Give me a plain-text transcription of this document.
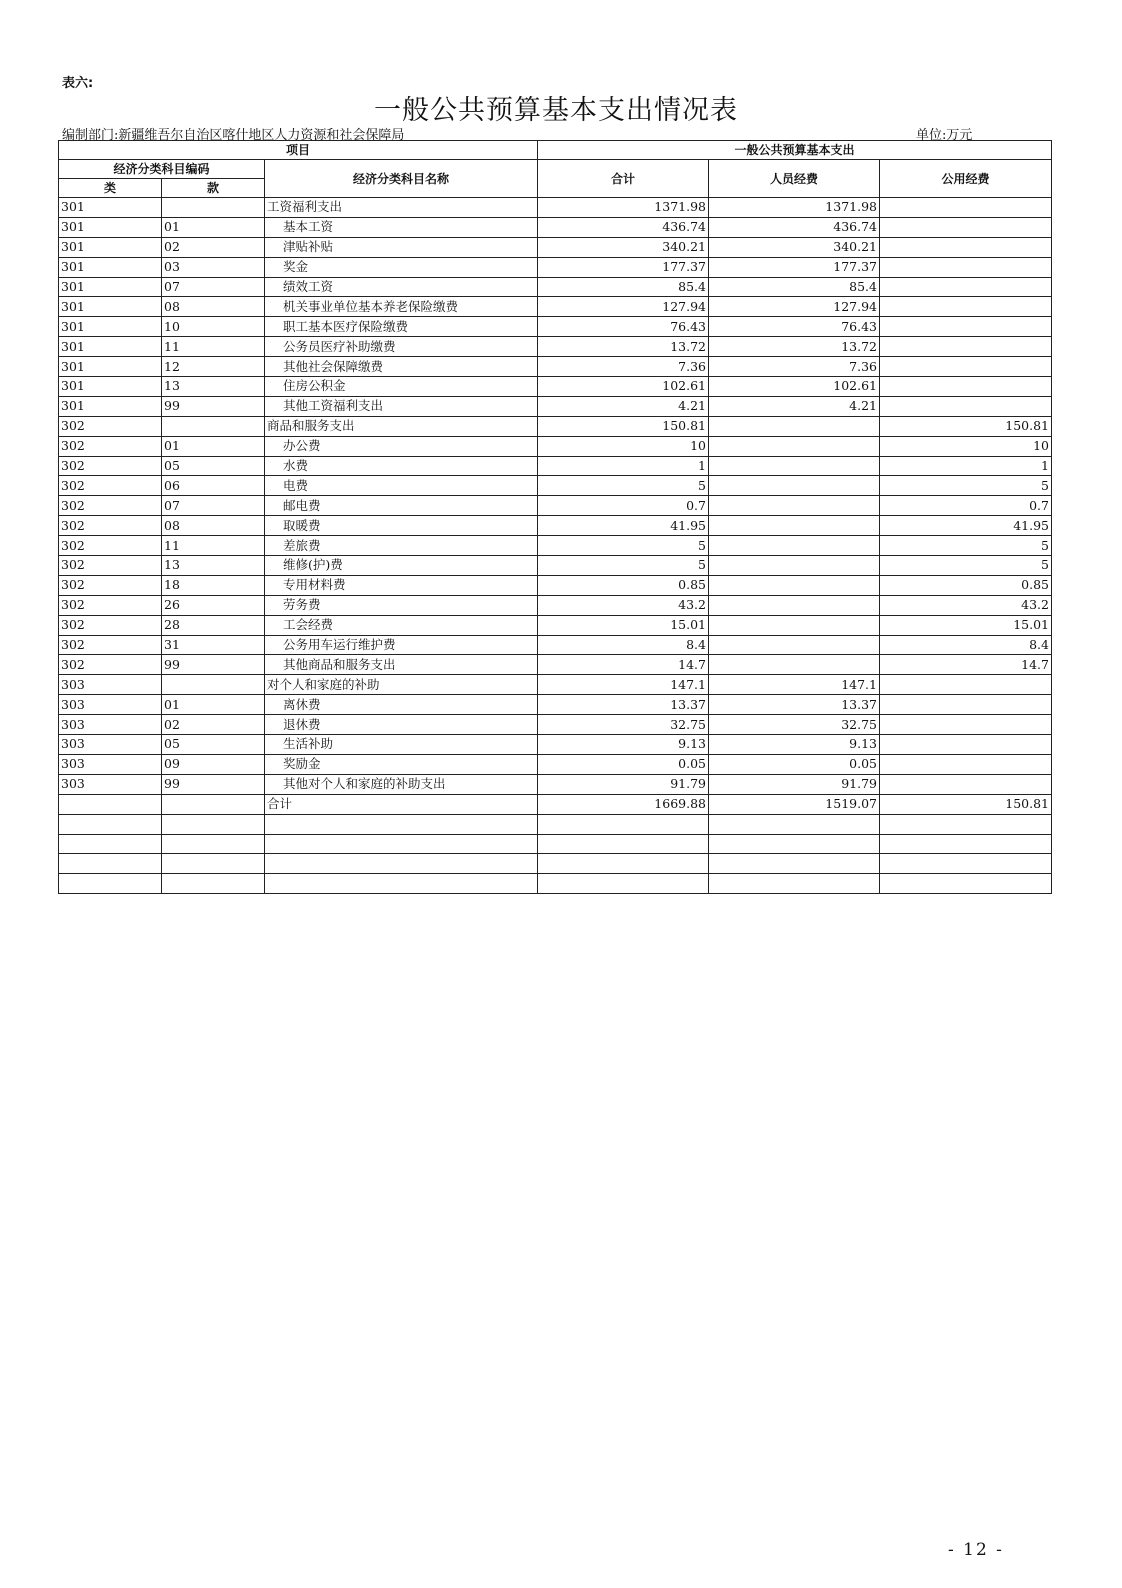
表六:
一般公共预算基本支出情况表
编制部门:新疆维吾尔自治区喀什地区人力资源和社会保障局	单位:万元
项目			一般公共预算基本支出		
经济分类科目编码		经济分类科目名称	合计	人员经费	公用经费
类	款				
301		工资福利支出	1371.98	1371.98	
301	01	基本工资	436.74	436.74	
301	02	津贴补贴	340.21	340.21	
301	03	奖金	177.37	177.37	
301	07	绩效工资	85.4	85.4	
301	08	机关事业单位基本养老保险缴费	127.94	127.94	
301	10	职工基本医疗保险缴费	76.43	76.43	
301	11	公务员医疗补助缴费	13.72	13.72	
301	12	其他社会保障缴费	7.36	7.36	
301	13	住房公积金	102.61	102.61	
301	99	其他工资福利支出	4.21	4.21	
302		商品和服务支出	150.81		150.81
302	01	办公费	10		10
302	05	水费	1		1
302	06	电费	5		5
302	07	邮电费	0.7		0.7
302	08	取暖费	41.95		41.95
302	11	差旅费	5		5
302	13	维修(护)费	5		5
302	18	专用材料费	0.85		0.85
302	26	劳务费	43.2		43.2
302	28	工会经费	15.01		15.01
302	31	公务用车运行维护费	8.4		8.4
302	99	其他商品和服务支出	14.7		14.7
303		对个人和家庭的补助	147.1	147.1	
303	01	离休费	13.37	13.37	
303	02	退休费	32.75	32.75	
303	05	生活补助	9.13	9.13	
303	09	奖励金	0.05	0.05	
303	99	其他对个人和家庭的补助支出	91.79	91.79	
		合计	1669.88	1519.07	150.81

- 12 -
